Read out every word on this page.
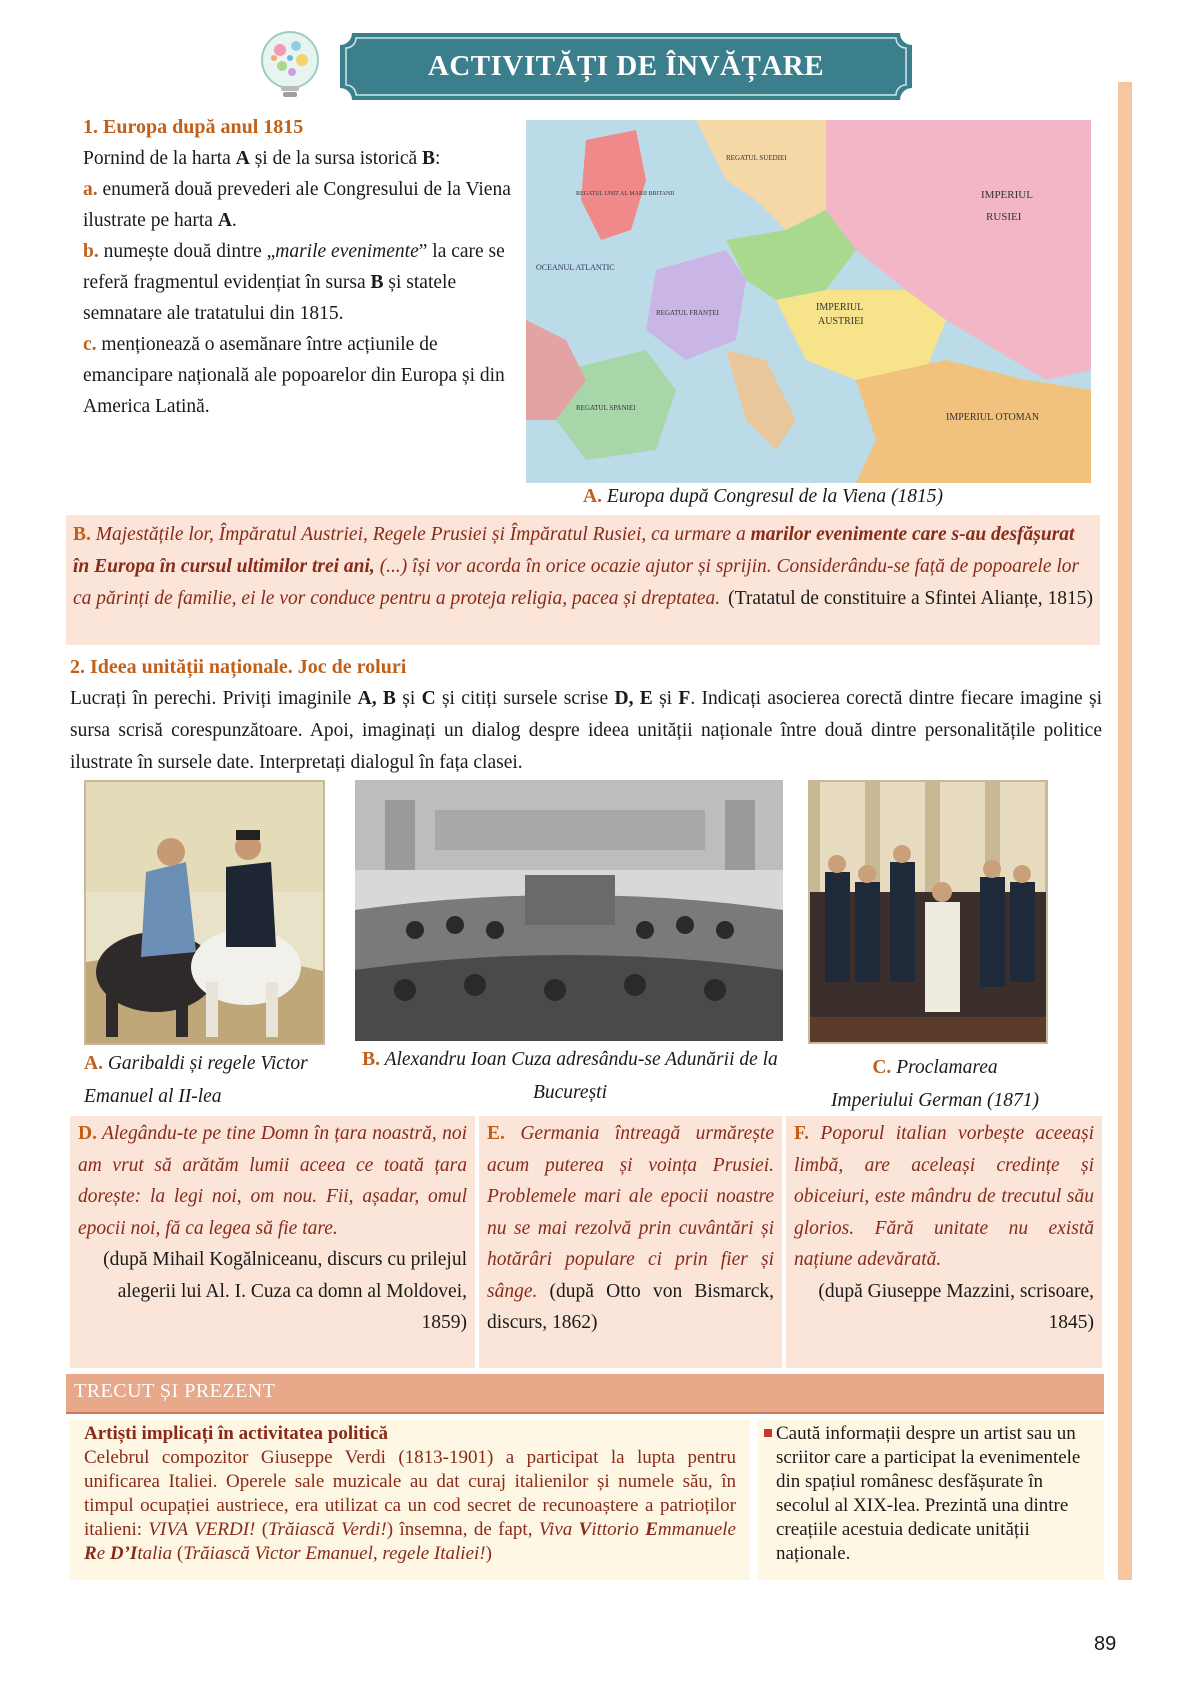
ACTIVITĂȚI DE ÎNVĂȚARE
1. Europa după anul 1815
Pornind de la harta A și de la sursa istorică B:
a. enumeră două prevederi ale Congresului de la Viena ilustrate pe harta A.
b. numește două dintre „marile evenimente” la care se referă fragmentul evidențiat în sursa B și statele semnatare ale tratatului din 1815.
c. menționează o asemănare între acțiunile de emancipare națională ale popoarelor din Europa și din America Latină.
IMPERIUL
RUSIEI
IMPERIUL
AUSTRIEI
IMPERIUL OTOMAN
OCEANUL ATLANTIC
REGATUL UNIT AL MARII BRITANII
REGATUL FRANȚEI
REGATUL SPANIEI
REGATUL SUEDIEI
A. Europa după Congresul de la Viena (1815)
B. Majestățile lor, Împăratul Austriei, Regele Prusiei și Împăratul Rusiei, ca urmare a marilor evenimente care s-au desfășurat în Europa în cursul ultimilor trei ani, (...) își vor acorda în orice ocazie ajutor și sprijin. Considerându-se față de popoarele lor ca părinți de familie, ei le vor conduce pentru a proteja religia, pacea și dreptatea. (Tratatul de constituire a Sfintei Alianțe, 1815)
2. Ideea unității naționale. Joc de roluri
Lucrați în perechi. Priviți imaginile A, B și C și citiți sursele scrise D, E și F. Indicați asocierea corectă dintre fiecare imagine și sursa scrisă corespunzătoare. Apoi, imaginați un dialog despre ideea unității naționale între două dintre personalitățile politice ilustrate în sursele date. Interpretați dialogul în fața clasei.
A. Garibaldi și regele Victor Emanuel al II-lea
B. Alexandru Ioan Cuza adresându-se Adunării de la București
C. Proclamarea
Imperiului German (1871)
D. Alegându-te pe tine Domn în țara noastră, noi am vrut să arătăm lumii aceea ce toată țara dorește: la legi noi, om nou. Fii, așadar, omul epocii noi, fă ca legea să fie tare.
(după Mihail Kogălniceanu, discurs cu prilejul alegerii lui Al. I. Cuza ca domn al Moldovei, 1859)
E. Germania întreagă urmărește acum puterea și voința Prusiei. Problemele mari ale epocii noastre nu se mai rezolvă prin cuvântări și hotărâri populare ci prin fier și sânge. (după Otto von Bismarck, discurs, 1862)
F. Poporul italian vorbește aceeași limbă, are aceleași credințe și obiceiuri, este mândru de trecutul său glorios. Fără unitate nu există națiune adevărată.
(după Giuseppe Mazzini, scrisoare, 1845)
TRECUT ȘI PREZENT
Artiști implicați în activitatea politică
Celebrul compozitor Giuseppe Verdi (1813-1901) a participat la lupta pentru unificarea Italiei. Operele sale muzicale au dat curaj italienilor și numele său, în timpul ocupației austriece, era utilizat ca un cod secret de recunoaștere a patrioților italieni: VIVA VERDI! (Trăiască Verdi!) însemna, de fapt, Viva Vittorio Emmanuele Re D’Italia (Trăiască Victor Emanuel, regele Italiei!)
Caută informații despre un artist sau un scriitor care a participat la evenimentele din spațiul românesc desfășurate în secolul al XIX-lea. Prezintă una dintre creațiile acestuia dedicate unității naționale.
89
